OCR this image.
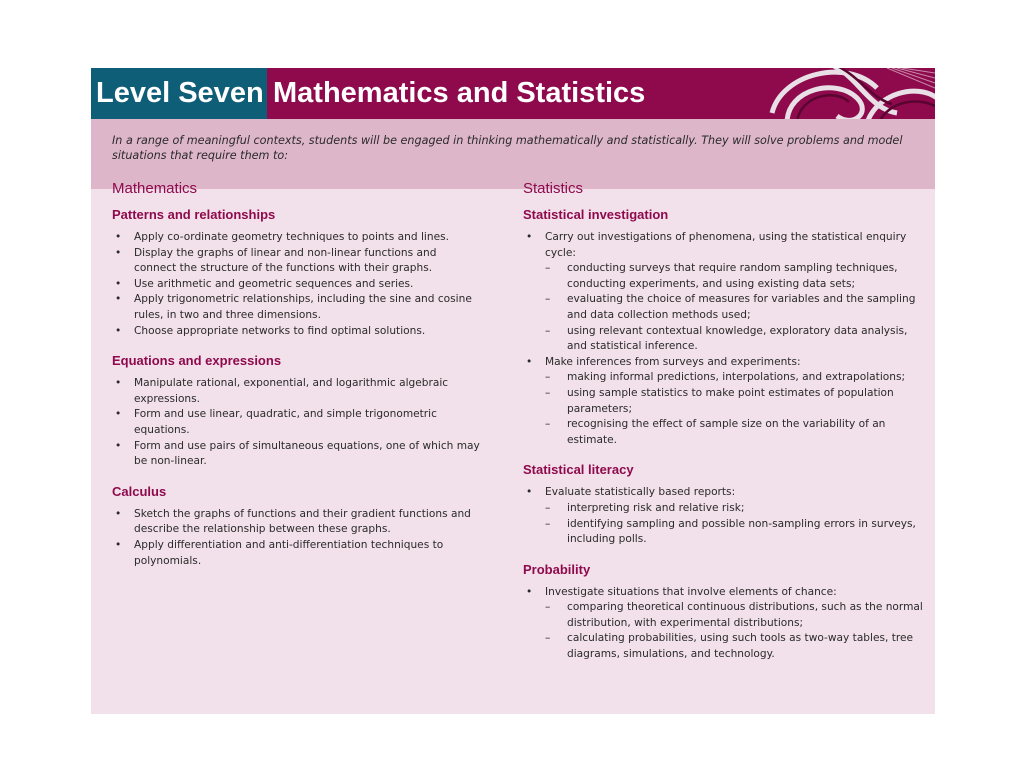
Level Seven Mathematics and Statistics
In a range of meaningful contexts, students will be engaged in thinking mathematically and statistically. They will solve problems and model situations that require them to:
Mathematics
Patterns and relationships
• Apply co-ordinate geometry techniques to points and lines.
• Display the graphs of linear and non-linear functions and connect the structure of the functions with their graphs.
• Use arithmetic and geometric sequences and series.
• Apply trigonometric relationships, including the sine and cosine rules, in two and three dimensions.
• Choose appropriate networks to find optimal solutions.
Equations and expressions
• Manipulate rational, exponential, and logarithmic algebraic expressions.
• Form and use linear, quadratic, and simple trigonometric equations.
• Form and use pairs of simultaneous equations, one of which may be non-linear.
Calculus
• Sketch the graphs of functions and their gradient functions and describe the relationship between these graphs.
• Apply differentiation and anti-differentiation techniques to polynomials.
Statistics
Statistical investigation
• Carry out investigations of phenomena, using the statistical enquiry cycle:
– conducting surveys that require random sampling techniques, conducting experiments, and using existing data sets;
– evaluating the choice of measures for variables and the sampling and data collection methods used;
– using relevant contextual knowledge, exploratory data analysis, and statistical inference.
• Make inferences from surveys and experiments:
– making informal predictions, interpolations, and extrapolations;
– using sample statistics to make point estimates of population parameters;
– recognising the effect of sample size on the variability of an estimate.
Statistical literacy
• Evaluate statistically based reports:
– interpreting risk and relative risk;
– identifying sampling and possible non-sampling errors in surveys, including polls.
Probability
• Investigate situations that involve elements of chance:
– comparing theoretical continuous distributions, such as the normal distribution, with experimental distributions;
– calculating probabilities, using such tools as two-way tables, tree diagrams, simulations, and technology.
